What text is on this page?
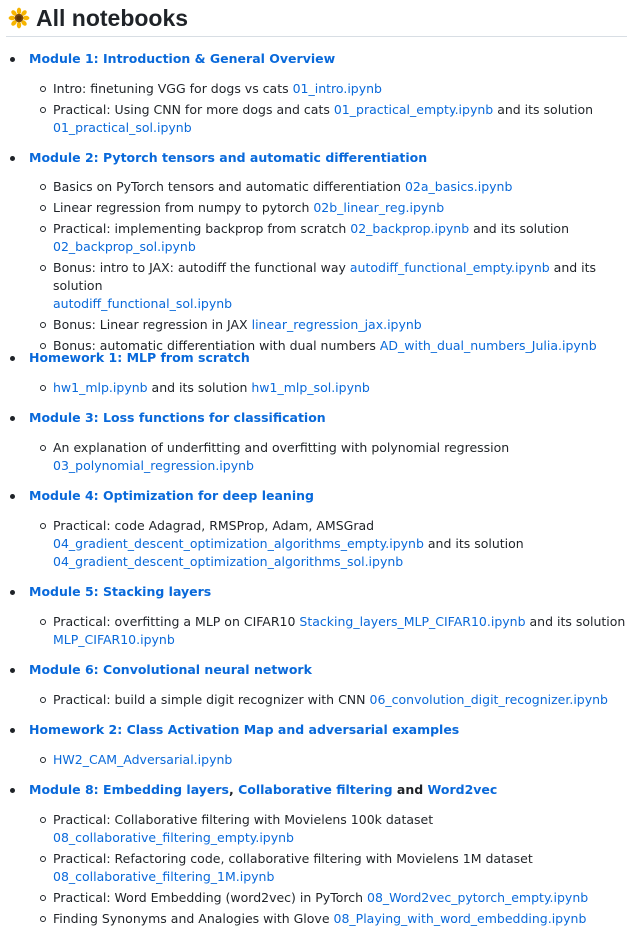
All notebooks
Module 1: Introduction & General Overview
Intro: finetuning VGG for dogs vs cats 01_intro.ipynb
Practical: Using CNN for more dogs and cats 01_practical_empty.ipynb and its solution
01_practical_sol.ipynb
Module 2: Pytorch tensors and automatic differentiation
Basics on PyTorch tensors and automatic differentiation 02a_basics.ipynb
Linear regression from numpy to pytorch 02b_linear_reg.ipynb
Practical: implementing backprop from scratch 02_backprop.ipynb and its solution
02_backprop_sol.ipynb
Bonus: intro to JAX: autodiff the functional way autodiff_functional_empty.ipynb and its solution
autodiff_functional_sol.ipynb
Bonus: Linear regression in JAX linear_regression_jax.ipynb
Bonus: automatic differentiation with dual numbers AD_with_dual_numbers_Julia.ipynb
Homework 1: MLP from scratch
hw1_mlp.ipynb and its solution hw1_mlp_sol.ipynb
Module 3: Loss functions for classification
An explanation of underfitting and overfitting with polynomial regression
03_polynomial_regression.ipynb
Module 4: Optimization for deep leaning
Practical: code Adagrad, RMSProp, Adam, AMSGrad
04_gradient_descent_optimization_algorithms_empty.ipynb and its solution
04_gradient_descent_optimization_algorithms_sol.ipynb
Module 5: Stacking layers
Practical: overfitting a MLP on CIFAR10 Stacking_layers_MLP_CIFAR10.ipynb and its solution
MLP_CIFAR10.ipynb
Module 6: Convolutional neural network
Practical: build a simple digit recognizer with CNN 06_convolution_digit_recognizer.ipynb
Homework 2: Class Activation Map and adversarial examples
HW2_CAM_Adversarial.ipynb
Module 8: Embedding layers, Collaborative filtering and Word2vec
Practical: Collaborative filtering with Movielens 100k dataset 08_collaborative_filtering_empty.ipynb
Practical: Refactoring code, collaborative filtering with Movielens 1M dataset
08_collaborative_filtering_1M.ipynb
Practical: Word Embedding (word2vec) in PyTorch 08_Word2vec_pytorch_empty.ipynb
Finding Synonyms and Analogies with Glove 08_Playing_with_word_embedding.ipynb
